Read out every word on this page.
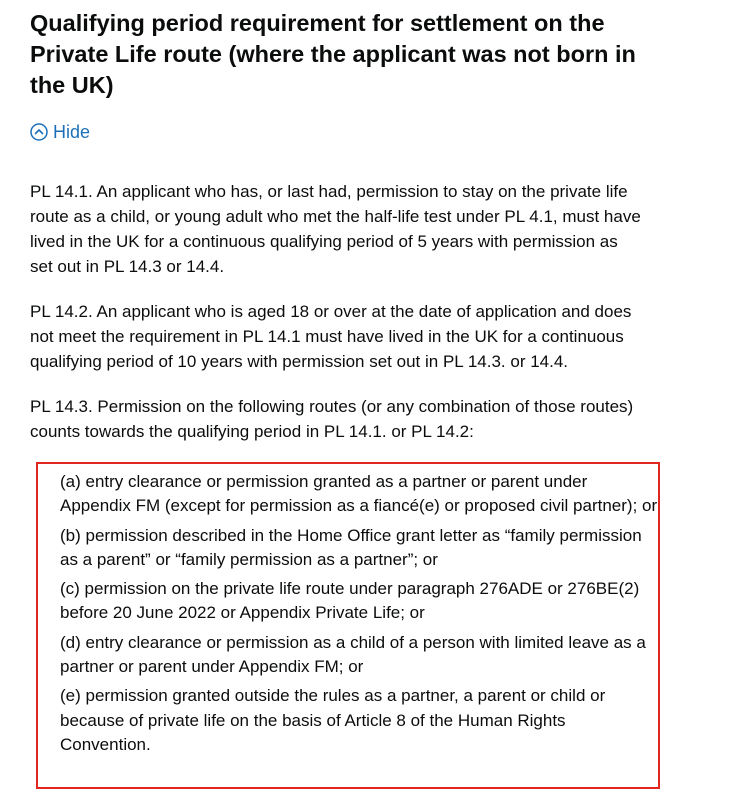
Qualifying period requirement for settlement on the Private Life route (where the applicant was not born in the UK)
Hide

PL 14.1. An applicant who has, or last had, permission to stay on the private life route as a child, or young adult who met the half-life test under PL 4.1, must have lived in the UK for a continuous qualifying period of 5 years with permission as set out in PL 14.3 or 14.4.

PL 14.2. An applicant who is aged 18 or over at the date of application and does not meet the requirement in PL 14.1 must have lived in the UK for a continuous qualifying period of 10 years with permission set out in PL 14.3. or 14.4.

PL 14.3. Permission on the following routes (or any combination of those routes) counts towards the qualifying period in PL 14.1. or PL 14.2:

(a) entry clearance or permission granted as a partner or parent under Appendix FM (except for permission as a fiancé(e) or proposed civil partner); or
(b) permission described in the Home Office grant letter as “family permission as a parent” or “family permission as a partner”; or
(c) permission on the private life route under paragraph 276ADE or 276BE(2) before 20 June 2022 or Appendix Private Life; or
(d) entry clearance or permission as a child of a person with limited leave as a partner or parent under Appendix FM; or
(e) permission granted outside the rules as a partner, a parent or child or because of private life on the basis of Article 8 of the Human Rights Convention.
